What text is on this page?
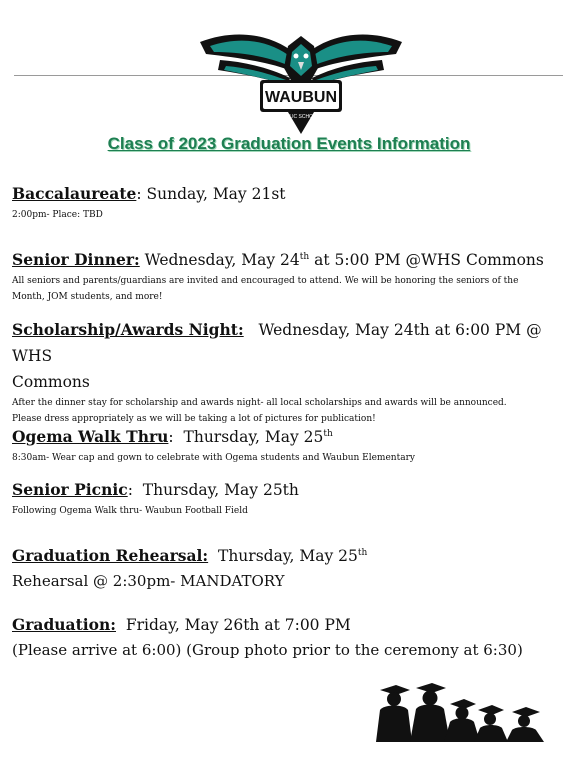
WAUBUN
PUBLIC SCHOOLS
Class of 2023 Graduation Events Information
Baccalaureate: Sunday, May 21st
2:00pm- Place: TBD
Senior Dinner: Wednesday, May 24th at 5:00 PM @WHS Commons
All seniors and parents/guardians are invited and encouraged to attend. We will be honoring the seniors of the
Month, JOM students, and more!
Scholarship/Awards Night: Wednesday, May 24th at 6:00 PM @ WHS
Commons
After the dinner stay for scholarship and awards night- all local scholarships and awards will be announced.
Please dress appropriately as we will be taking a lot of pictures for publication!
Ogema Walk Thru:  Thursday, May 25th
8:30am- Wear cap and gown to celebrate with Ogema students and Waubun Elementary
Senior Picnic:  Thursday, May 25th
Following Ogema Walk thru- Waubun Football Field
Graduation Rehearsal: Thursday, May 25th
Rehearsal @ 2:30pm- MANDATORY
Graduation: Friday, May 26th at 7:00 PM
(Please arrive at 6:00) (Group photo prior to the ceremony at 6:30)
